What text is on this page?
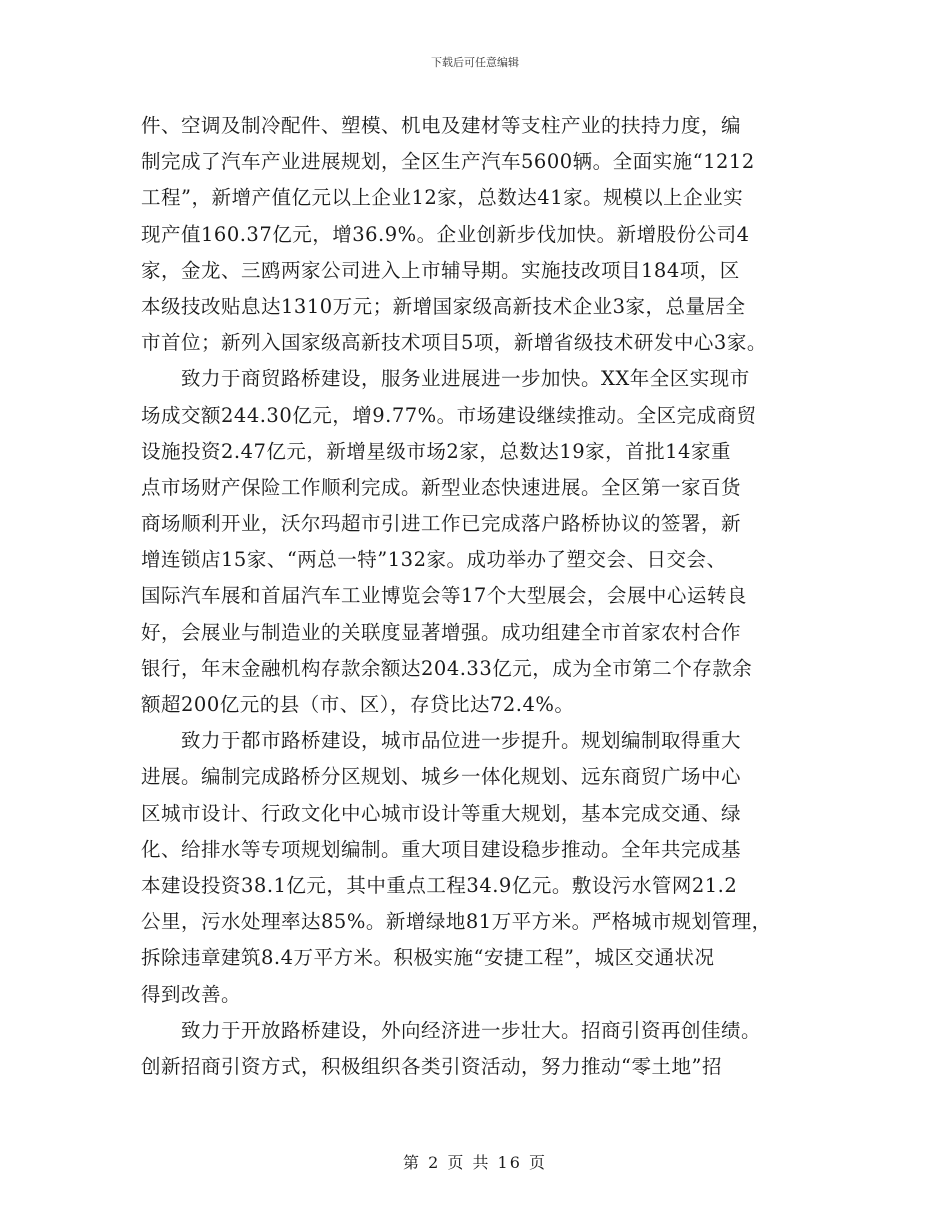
下载后可任意编辑
件、空调及制冷配件、塑模、机电及建材等支柱产业的扶持力度，编
制完成了汽车产业进展规划，全区生产汽车5600辆。全面实施“1212
工程”，新增产值亿元以上企业12家，总数达41家。规模以上企业实
现产值160.37亿元，增36.9%。企业创新步伐加快。新增股份公司4
家，金龙、三鸥两家公司进入上市辅导期。实施技改项目184项，区
本级技改贴息达1310万元；新增国家级高新技术企业3家，总量居全
市首位；新列入国家级高新技术项目5项，新增省级技术研发中心3家。
　　致力于商贸路桥建设，服务业进展进一步加快。XX年全区实现市
场成交额244.30亿元，增9.77%。市场建设继续推动。全区完成商贸
设施投资2.47亿元，新增星级市场2家，总数达19家，首批14家重
点市场财产保险工作顺利完成。新型业态快速进展。全区第一家百货
商场顺利开业，沃尔玛超市引进工作已完成落户路桥协议的签署，新
增连锁店15家、“两总一特”132家。成功举办了塑交会、日交会、
国际汽车展和首届汽车工业博览会等17个大型展会，会展中心运转良
好，会展业与制造业的关联度显著增强。成功组建全市首家农村合作
银行，年末金融机构存款余额达204.33亿元，成为全市第二个存款余
额超200亿元的县（市、区），存贷比达72.4%。
　　致力于都市路桥建设，城市品位进一步提升。规划编制取得重大
进展。编制完成路桥分区规划、城乡一体化规划、远东商贸广场中心
区城市设计、行政文化中心城市设计等重大规划，基本完成交通、绿
化、给排水等专项规划编制。重大项目建设稳步推动。全年共完成基
本建设投资38.1亿元，其中重点工程34.9亿元。敷设污水管网21.2
公里，污水处理率达85%。新增绿地81万平方米。严格城市规划管理，
拆除违章建筑8.4万平方米。积极实施“安捷工程”，城区交通状况
得到改善。
　　致力于开放路桥建设，外向经济进一步壮大。招商引资再创佳绩。
创新招商引资方式，积极组织各类引资活动，努力推动“零土地”招
第 2 页 共 16 页
